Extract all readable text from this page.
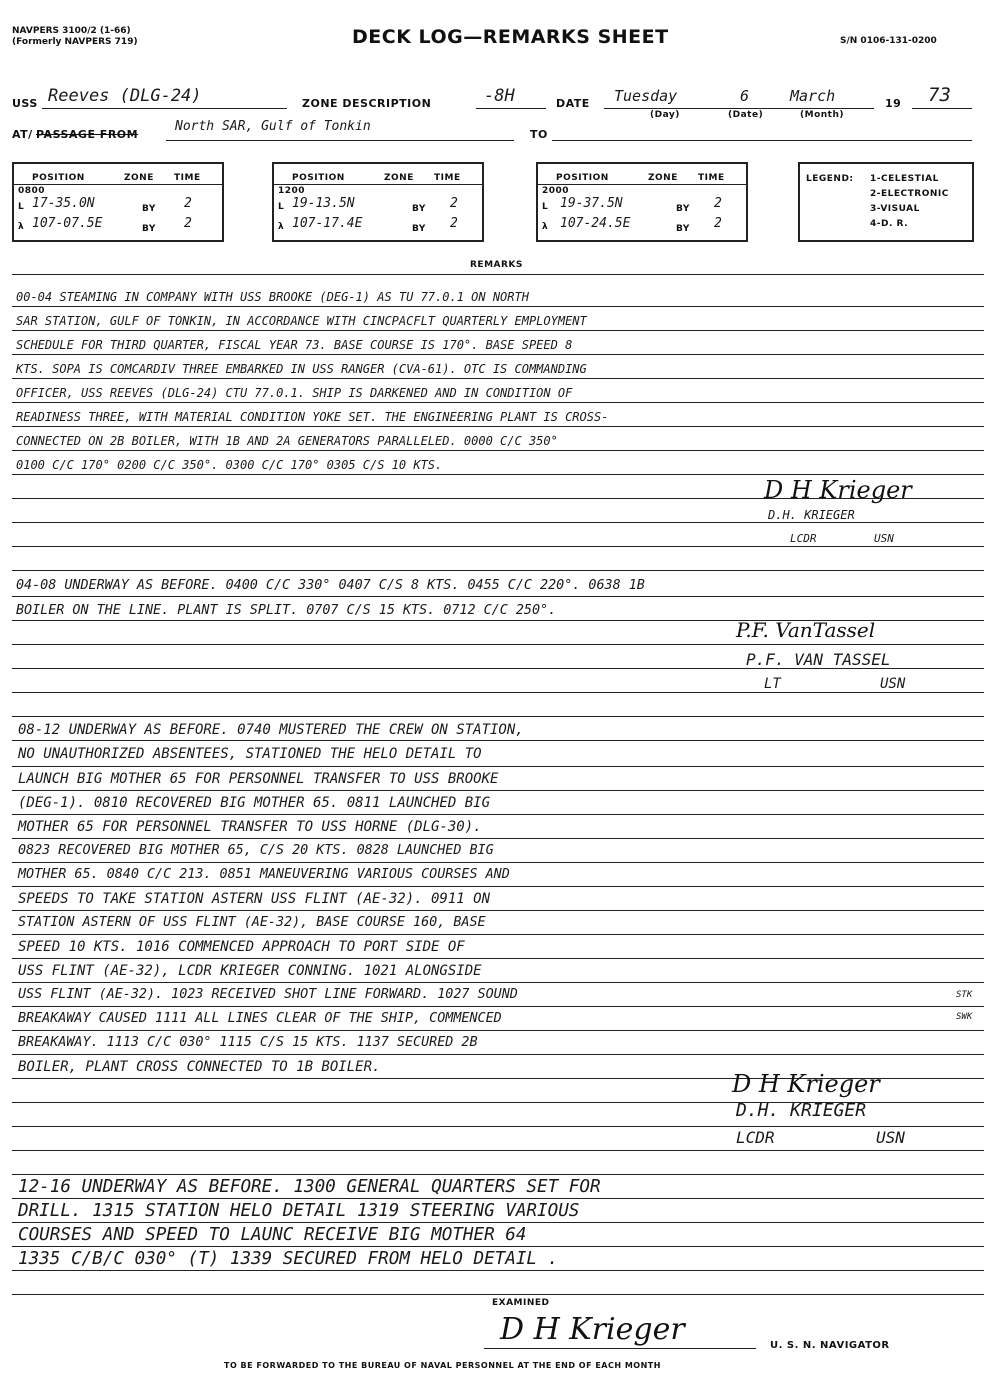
NAVPERS 3100/2 (1-66)
(Formerly NAVPERS 719)	DECK LOG—REMARKS SHEET	S/N 0106-131-0200
USS Reeves (DLG-24)	ZONE DESCRIPTION	-8H	DATE Tuesday	6	March	19 73
(Day)	(Date)	(Month)
AT/ PASSAGE FROM
North SAR, Gulf of Tonkin
TO
POSITION	ZONE TIME
0800
L 17-35.0N	BY 2
λ 107-07.5E	BY 2
POSITION	ZONE TIME
1200
L 19-13.5N	BY 2
λ 107-17.4E	BY 2
POSITION	ZONE TIME
2000
L 19-37.5N	BY 2
λ 107-24.5E	BY 2
LEGEND: 1-CELESTIAL
2-ELECTRONIC
3-VISUAL
4-D. R.
REMARKS
00-04 STEAMING IN COMPANY WITH USS BROOKE (DEG-1) AS TU 77.0.1 ON NORTH
SAR STATION, GULF OF TONKIN, IN ACCORDANCE WITH CINCPACFLT QUARTERLY EMPLOYMENT
SCHEDULE FOR THIRD QUARTER, FISCAL YEAR 73. BASE COURSE IS 170°. BASE SPEED 8
KTS. SOPA IS COMCARDIV THREE EMBARKED IN USS RANGER (CVA-61). OTC IS COMMANDING
OFFICER, USS REEVES (DLG-24) CTU 77.0.1. SHIP IS DARKENED AND IN CONDITION OF
READINESS THREE, WITH MATERIAL CONDITION YOKE SET. THE ENGINEERING PLANT IS CROSS-
CONNECTED ON 2B BOILER, WITH 1B AND 2A GENERATORS PARALLELED. 0000 C/C 350°
0100 C/C 170° 0200 C/C 350°. 0300 C/C 170° 0305 C/S 10 KTS.
D H Krieger
D.H. KRIEGER
LCDR	USN
04-08 UNDERWAY AS BEFORE. 0400 C/C 330° 0407 C/S 8 KTS. 0455 C/C 220°. 0638 1B
BOILER ON THE LINE. PLANT IS SPLIT. 0707 C/S 15 KTS. 0712 C/C 250°.
P.F. VanTassel
P.F. VAN TASSEL
LT	USN
08-12 UNDERWAY AS BEFORE. 0740 MUSTERED THE CREW ON STATION,
NO UNAUTHORIZED ABSENTEES, STATIONED THE HELO DETAIL TO
LAUNCH BIG MOTHER 65 FOR PERSONNEL TRANSFER TO USS BROOKE
(DEG-1). 0810 RECOVERED BIG MOTHER 65. 0811 LAUNCHED BIG
MOTHER 65 FOR PERSONNEL TRANSFER TO USS HORNE (DLG-30).
0823 RECOVERED BIG MOTHER 65, C/S 20 KTS. 0828 LAUNCHED BIG
MOTHER 65. 0840 C/C 213. 0851 MANEUVERING VARIOUS COURSES AND
SPEEDS TO TAKE STATION ASTERN USS FLINT (AE-32). 0911 ON
STATION ASTERN OF USS FLINT (AE-32), BASE COURSE 160, BASE
SPEED 10 KTS. 1016 COMMENCED APPROACH TO PORT SIDE OF
USS FLINT (AE-32), LCDR KRIEGER CONNING. 1021 ALONGSIDE
USS FLINT (AE-32). 1023 RECEIVED SHOT LINE FORWARD. 1027 SOUND
BREAKAWAY CAUSED 1111 ALL LINES CLEAR OF THE SHIP, COMMENCED
BREAKAWAY. 1113 C/C 030° 1115 C/S 15 KTS. 1137 SECURED 2B
BOILER, PLANT CROSS CONNECTED TO 1B BOILER.
STK
SWK
D H Krieger
D.H. KRIEGER
LCDR	USN
12-16 UNDERWAY AS BEFORE. 1300 GENERAL QUARTERS SET FOR
DRILL. 1315 STATION HELO DETAIL 1319 STEERING VARIOUS
COURSES AND SPEED TO LAUNC RECEIVE BIG MOTHER 64
1335 C/B/C 030° (T) 1339 SECURED FROM HELO DETAIL .
EXAMINED
D H Krieger	U. S. N. NAVIGATOR
TO BE FORWARDED TO THE BUREAU OF NAVAL PERSONNEL AT THE END OF EACH MONTH
